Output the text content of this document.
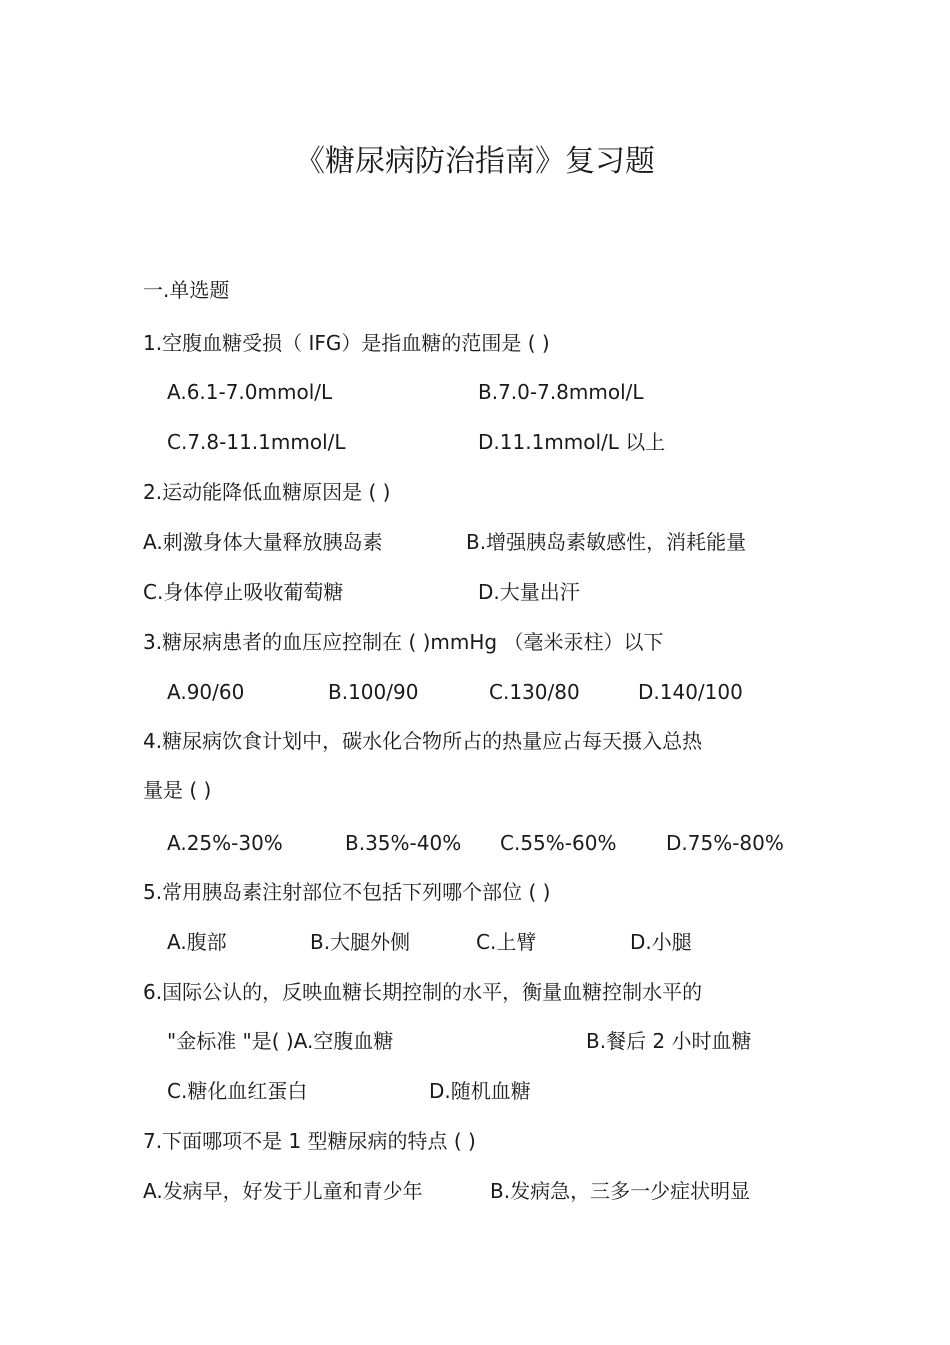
《糖尿病防治指南》复习题
一.单选题
1.空腹血糖受损（ IFG）是指血糖的范围是 ( )
A.6.1-7.0mmol/L	B.7.0-7.8mmol/L
C.7.8-11.1mmol/L	D.11.1mmol/L 以上
2.运动能降低血糖原因是 ( )
A.刺激身体大量释放胰岛素	B.增强胰岛素敏感性，消耗能量
C.身体停止吸收葡萄糖	D.大量出汗
3.糖尿病患者的血压应控制在 ( )mmHg （毫米汞柱）以下
A.90/60	B.100/90	C.130/80	D.140/100
4.糖尿病饮食计划中，碳水化合物所占的热量应占每天摄入总热
量是 ( )
A.25%-30%	B.35%-40% C.55%-60% D.75%-80%
5.常用胰岛素注射部位不包括下列哪个部位 ( )
A.腹部	B.大腿外侧	C.上臂	D.小腿
6.国际公认的，反映血糖长期控制的水平，衡量血糖控制水平的
"金标准 "是( )A.空腹血糖	B.餐后 2 小时血糖
C.糖化血红蛋白	D.随机血糖
7.下面哪项不是 1 型糖尿病的特点 ( )
A.发病早，好发于儿童和青少年	B.发病急，三多一少症状明显
